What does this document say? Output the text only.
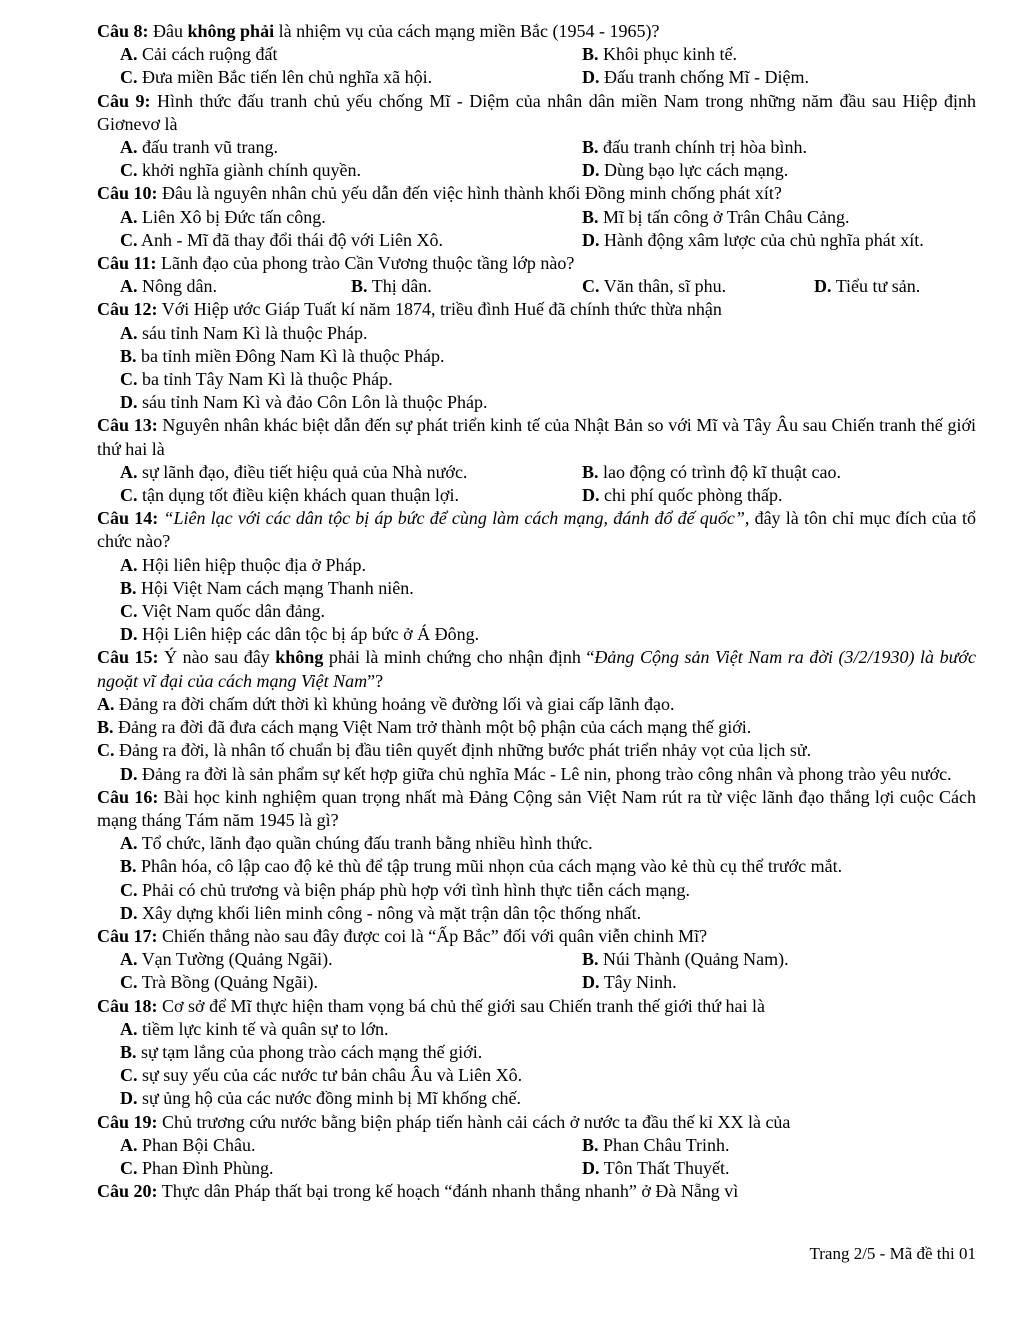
Câu 8: Đâu không phải là nhiệm vụ của cách mạng miền Bắc (1954 - 1965)?
A. Cải cách ruộng đất	B. Khôi phục kinh tế.
C. Đưa miền Bắc tiến lên chủ nghĩa xã hội.	D. Đấu tranh chống Mĩ - Diệm.
Câu 9: Hình thức đấu tranh chủ yếu chống Mĩ - Diệm của nhân dân miền Nam trong những năm đầu sau Hiệp định Giơnevơ là
A. đấu tranh vũ trang.	B. đấu tranh chính trị hòa bình.
C. khởi nghĩa giành chính quyền.	D. Dùng bạo lực cách mạng.
Câu 10: Đâu là nguyên nhân chủ yếu dẫn đến việc hình thành khối Đồng minh chống phát xít?
A. Liên Xô bị Đức tấn công.	B. Mĩ bị tấn công ở Trân Châu Cảng.
C. Anh - Mĩ đã thay đổi thái độ với Liên Xô.	D. Hành động xâm lược của chủ nghĩa phát xít.
Câu 11: Lãnh đạo của phong trào Cần Vương thuộc tầng lớp nào?
A. Nông dân.	B. Thị dân.	C. Văn thân, sĩ phu.	D. Tiểu tư sản.
Câu 12: Với Hiệp ước Giáp Tuất kí năm 1874, triều đình Huế đã chính thức thừa nhận
A. sáu tỉnh Nam Kì là thuộc Pháp.
B. ba tỉnh miền Đông Nam Kì là thuộc Pháp.
C. ba tỉnh Tây Nam Kì là thuộc Pháp.
D. sáu tỉnh Nam Kì và đảo Côn Lôn là thuộc Pháp.
Câu 13: Nguyên nhân khác biệt dẫn đến sự phát triển kinh tế của Nhật Bản so với Mĩ và Tây Âu sau Chiến tranh thế giới thứ hai là
A. sự lãnh đạo, điều tiết hiệu quả của Nhà nước.	B. lao động có trình độ kĩ thuật cao.
C. tận dụng tốt điều kiện khách quan thuận lợi.	D. chi phí quốc phòng thấp.
Câu 14: “Liên lạc với các dân tộc bị áp bức để cùng làm cách mạng, đánh đổ đế quốc”, đây là tôn chỉ mục đích của tổ chức nào?
A. Hội liên hiệp thuộc địa ở Pháp.
B. Hội Việt Nam cách mạng Thanh niên.
C. Việt Nam quốc dân đảng.
D. Hội Liên hiệp các dân tộc bị áp bức ở Á Đông.
Câu 15: Ý nào sau đây không phải là minh chứng cho nhận định “Đảng Cộng sản Việt Nam ra đời (3/2/1930) là bước ngoặt vĩ đại của cách mạng Việt Nam”?
A. Đảng ra đời chấm dứt thời kì khủng hoảng về đường lối và giai cấp lãnh đạo.
B. Đảng ra đời đã đưa cách mạng Việt Nam trở thành một bộ phận của cách mạng thế giới.
C. Đảng ra đời, là nhân tố chuẩn bị đầu tiên quyết định những bước phát triển nhảy vọt của lịch sử.
D. Đảng ra đời là sản phẩm sự kết hợp giữa chủ nghĩa Mác - Lê nin, phong trào công nhân và phong trào yêu nước.
Câu 16: Bài học kinh nghiệm quan trọng nhất mà Đảng Cộng sản Việt Nam rút ra từ việc lãnh đạo thắng lợi cuộc Cách mạng tháng Tám năm 1945 là gì?
A. Tổ chức, lãnh đạo quần chúng đấu tranh bằng nhiều hình thức.
B. Phân hóa, cô lập cao độ kẻ thù để tập trung mũi nhọn của cách mạng vào kẻ thù cụ thể trước mắt.
C. Phải có chủ trương và biện pháp phù hợp với tình hình thực tiễn cách mạng.
D. Xây dựng khối liên minh công - nông và mặt trận dân tộc thống nhất.
Câu 17: Chiến thắng nào sau đây được coi là “Ấp Bắc” đối với quân viễn chinh Mĩ?
A. Vạn Tường (Quảng Ngãi).	B. Núi Thành (Quảng Nam).
C. Trà Bồng (Quảng Ngãi).	D. Tây Ninh.
Câu 18: Cơ sở để Mĩ thực hiện tham vọng bá chủ thế giới sau Chiến tranh thế giới thứ hai là
A. tiềm lực kinh tế và quân sự to lớn.
B. sự tạm lắng của phong trào cách mạng thế giới.
C. sự suy yếu của các nước tư bản châu Âu và Liên Xô.
D. sự ủng hộ của các nước đồng minh bị Mĩ khống chế.
Câu 19: Chủ trương cứu nước bằng biện pháp tiến hành cải cách ở nước ta đầu thế kỉ XX là của
A. Phan Bội Châu.	B. Phan Châu Trinh.
C. Phan Đình Phùng.	D. Tôn Thất Thuyết.
Câu 20: Thực dân Pháp thất bại trong kế hoạch “đánh nhanh thắng nhanh” ở Đà Nẵng vì
Trang 2/5 - Mã đề thi 01
